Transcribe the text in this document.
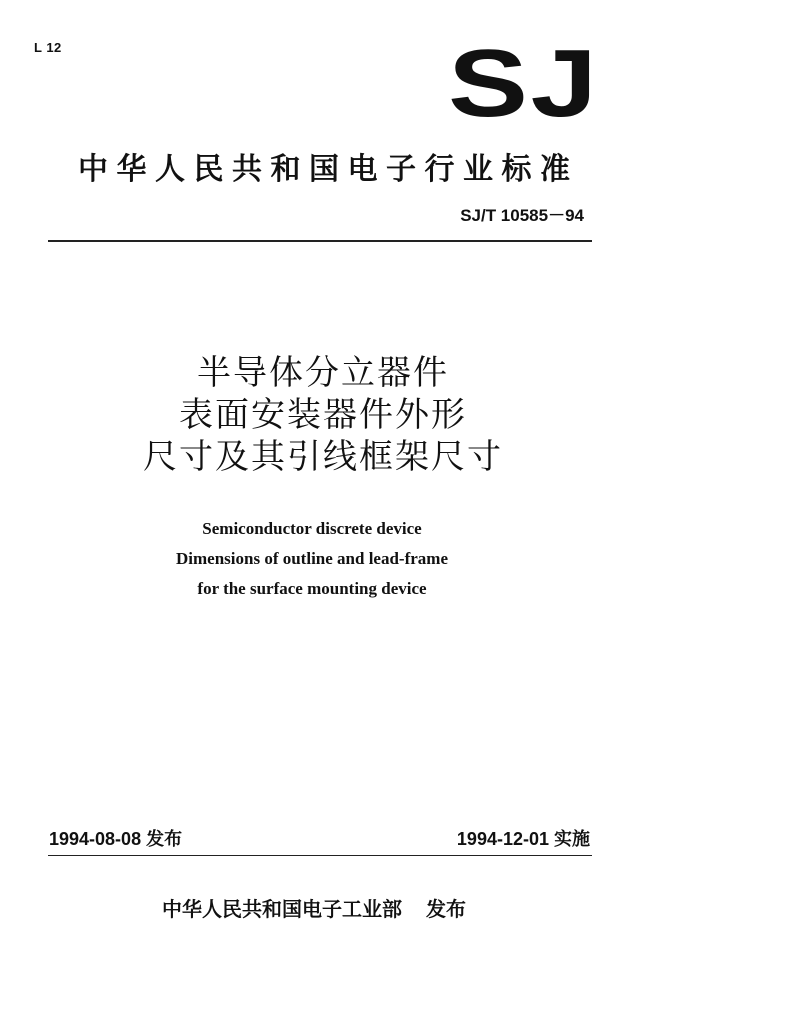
L 12	SJ
中华人民共和国电子行业标准
SJ/T 10585－94
半导体分立器件
表面安装器件外形
尺寸及其引线框架尺寸
Semiconductor discrete device
Dimensions of outline and lead-frame
for the surface mounting device
1994-08-08 发布	1994-12-01 实施
中华人民共和国电子工业部 发布
